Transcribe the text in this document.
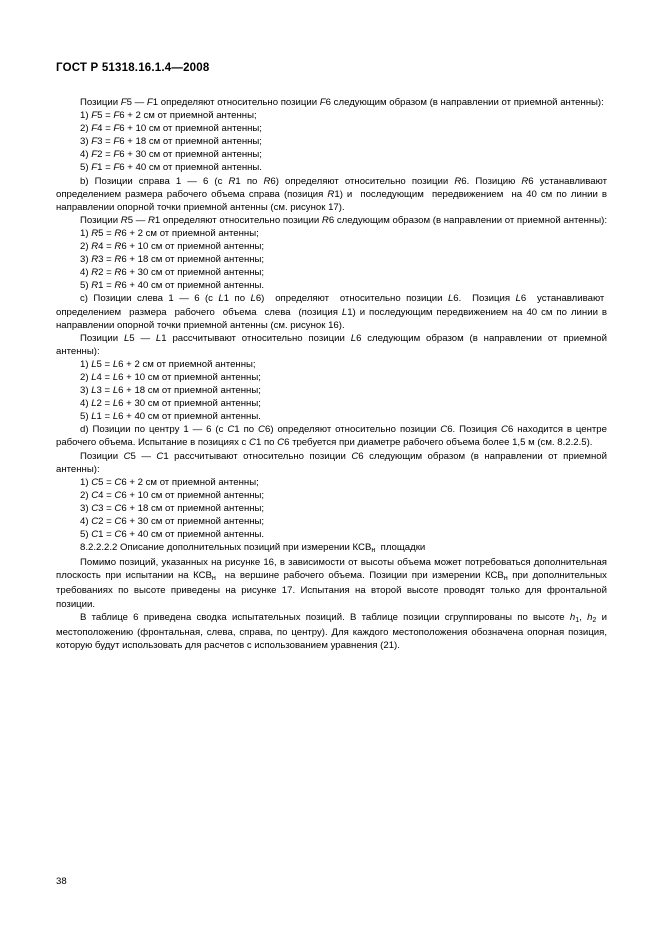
ГОСТ Р 51318.16.1.4—2008

Позиции F5 — F1 определяют относительно позиции F6 следующим образом (в направлении от приемной антенны):

1) F5 = F6 + 2 см от приемной антенны;

2) F4 = F6 + 10 см от приемной антенны;

3) F3 = F6 + 18 см от приемной антенны;

4) F2 = F6 + 30 см от приемной антенны;

5) F1 = F6 + 40 см от приемной антенны.

b) Позиции справа 1 — 6 (с R1 по R6) определяют относительно позиции R6. Позицию R6 устанавливают определением размера рабочего объема справа (позиция R1) и  последующим  передвижением  на 40 см по линии в направлении опорной точки приемной антенны (см. рисунок 17).

Позиции R5 — R1 определяют относительно позиции R6 следующим образом (в направлении от приемной антенны):

1) R5 = R6 + 2 см от приемной антенны;

2) R4 = R6 + 10 см от приемной антенны;

3) R3 = R6 + 18 см от приемной антенны;

4) R2 = R6 + 30 см от приемной антенны;

5) R1 = R6 + 40 см от приемной антенны.

c) Позиции слева 1 — 6 (с L1 по L6)  определяют  относительно позиции L6.  Позиция L6  устанавливают  определением  размера  рабочего  объема  слева  (позиция L1) и последующим передвижением на 40 см по линии в направлении опорной точки приемной антенны (см. рисунок 16).

Позиции L5 — L1 рассчитывают относительно позиции L6 следующим образом (в направлении от приемной антенны):

1) L5 = L6 + 2 см от приемной антенны;

2) L4 = L6 + 10 см от приемной антенны;

3) L3 = L6 + 18 см от приемной антенны;

4) L2 = L6 + 30 см от приемной антенны;

5) L1 = L6 + 40 см от приемной антенны.

d) Позиции по центру 1 — 6 (с C1 по C6) определяют относительно позиции C6. Позиция C6 находится в центре рабочего объема. Испытание в позициях с C1 по C6 требуется при диаметре рабочего объема более 1,5 м (см. 8.2.2.5).

Позиции C5 — C1 рассчитывают относительно позиции C6 следующим образом (в направлении от приемной антенны):

1) C5 = C6 + 2 см от приемной антенны;

2) C4 = C6 + 10 см от приемной антенны;

3) C3 = C6 + 18 см от приемной антенны;

4) C2 = C6 + 30 см от приемной антенны;

5) C1 = C6 + 40 см от приемной антенны.

8.2.2.2.2 Описание дополнительных позиций при измерении $КСВ_н$  площадки

Помимо позиций, указанных на рисунке 16, в зависимости от высоты объема может потребоваться дополнительная плоскость при испытании на $КСВ_н$  на вершине рабочего объема. Позиции при измерении $КСВ_н$ при дополнительных требованиях по высоте приведены на рисунке 17. Испытания на второй высоте проводят только для фронтальной позиции.

В таблице 6 приведена сводка испытательных позиций. В таблице позиции сгруппированы по высоте $h_1$, $h_2$ и местоположению (фронтальная, слева, справа, по центру). Для каждого местоположения обозначена опорная позиция, которую будут использовать для расчетов с использованием уравнения (21).

38
